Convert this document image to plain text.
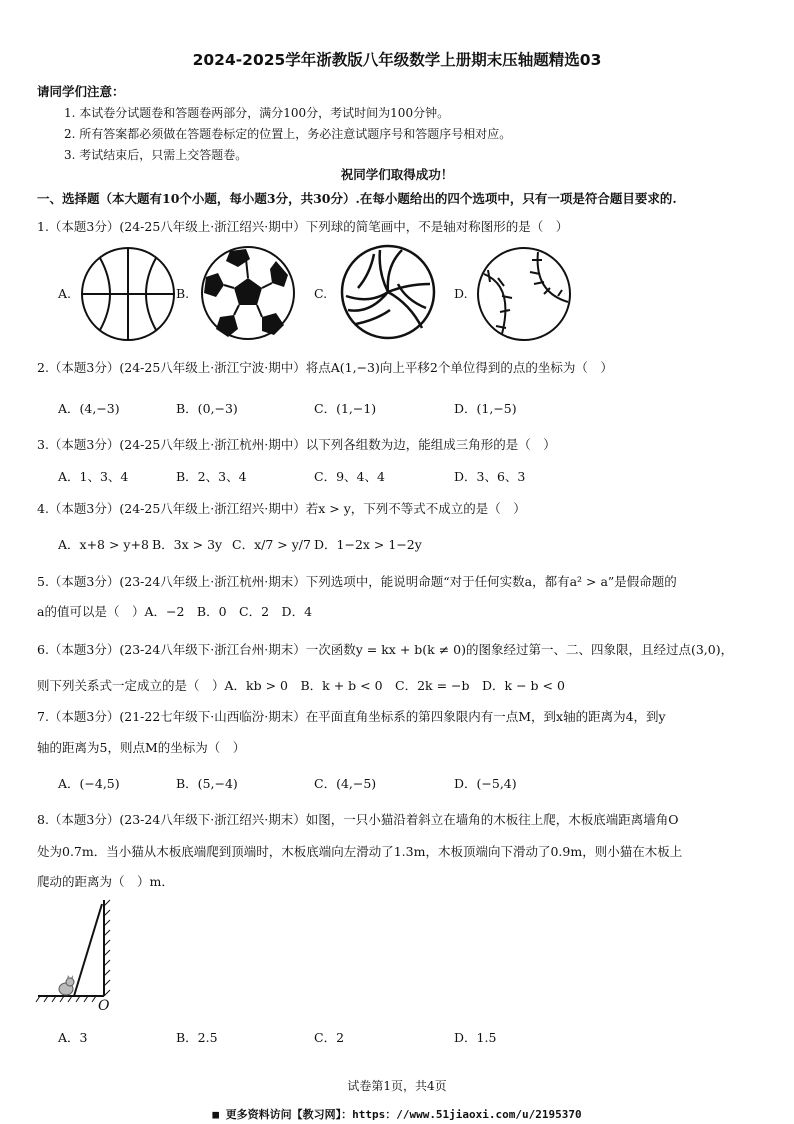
2024-2025学年浙教版八年级数学上册期末压轴题精选03
请同学们注意：
1. 本试卷分试题卷和答题卷两部分，满分100分，考试时间为100分钟。
2. 所有答案都必须做在答题卷标定的位置上，务必注意试题序号和答题序号相对应。
3. 考试结束后，只需上交答题卷。
祝同学们取得成功！
一、选择题（本大题有10个小题，每小题3分，共30分）.在每小题给出的四个选项中，只有一项是符合题目要求的.
1.（本题3分）(24-25八年级上·浙江绍兴·期中）下列球的简笔画中，不是轴对称图形的是（　）
A.	B.	C.	D.
2.（本题3分）(24-25八年级上·浙江宁波·期中）将点A(1,−3)向上平移2个单位得到的点的坐标为（　）
A．(4,−3)	B．(0,−3)	C．(1,−1)	D．(1,−5)
3.（本题3分）(24-25八年级上·浙江杭州·期中）以下列各组数为边，能组成三角形的是（　）
A．1、3、4	B．2、3、4	C．9、4、4	D．3、6、3
4.（本题3分）(24-25八年级上·浙江绍兴·期中）若x > y，下列不等式不成立的是（　）
A．x+8 > y+8 B．3x > 3y C．x/7 > y/7 D．1−2x > 1−2y
5.（本题3分）(23-24八年级上·浙江杭州·期末）下列选项中，能说明命题“对于任何实数a，都有a² > a”是假命题的
a的值可以是（　）A．−2　B．0　C．2　D．4
6.（本题3分）(23-24八年级下·浙江台州·期末）一次函数y = kx + b(k ≠ 0)的图象经过第一、二、四象限，且经过点(3,0)，
则下列关系式一定成立的是（　）A．kb > 0　B．k + b < 0　C．2k = −b　D．k − b < 0
7.（本题3分）(21-22七年级下·山西临汾·期末）在平面直角坐标系的第四象限内有一点M，到x轴的距离为4，到y
轴的距离为5，则点M的坐标为（　）
A．(−4,5)	B．(5,−4)	C．(4,−5)	D．(−5,4)
8.（本题3分）(23-24八年级下·浙江绍兴·期末）如图，一只小猫沿着斜立在墙角的木板往上爬，木板底端距离墙角O
处为0.7m．当小猫从木板底端爬到顶端时，木板底端向左滑动了1.3m，木板顶端向下滑动了0.9m，则小猫在木板上
爬动的距离为（　）m．
O
A．3	B．2.5	C．2	D．1.5
试卷第1页，共4页
■ 更多资料访问【教习网】：https：//www.51jiaoxi.com/u/2195370
